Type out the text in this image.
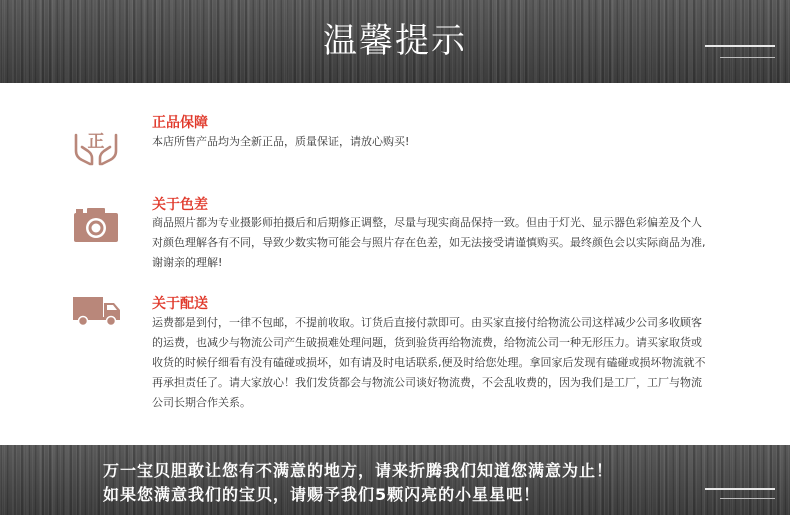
温馨提示
正
正品保障
本店所售产品均为全新正品，质量保证，请放心购买!
关于色差
商品照片都为专业摄影师拍摄后和后期修正调整，尽量与现实商品保持一致。但由于灯光、显示器色彩偏差及个人
对颜色理解各有不同，导致少数实物可能会与照片存在色差，如无法接受请谨慎购买。最终颜色会以实际商品为准,
谢谢亲的理解!
关于配送
运费都是到付，一律不包邮，不提前收取。订货后直接付款即可。由买家直接付给物流公司这样减少公司多收顾客
的运费，也减少与物流公司产生破损难处理问题，货到验货再给物流费，给物流公司一种无形压力。请买家取货或
收货的时候仔细看有没有磕碰或损坏，如有请及时电话联系,便及时给您处理。拿回家后发现有磕碰或损坏物流就不
再承担责任了。请大家放心！我们发货都会与物流公司谈好物流费，不会乱收费的，因为我们是工厂，工厂与物流
公司长期合作关系。
万一宝贝胆敢让您有不满意的地方，请来折腾我们知道您满意为止！
如果您满意我们的宝贝，请赐予我们5颗闪亮的小星星吧！
